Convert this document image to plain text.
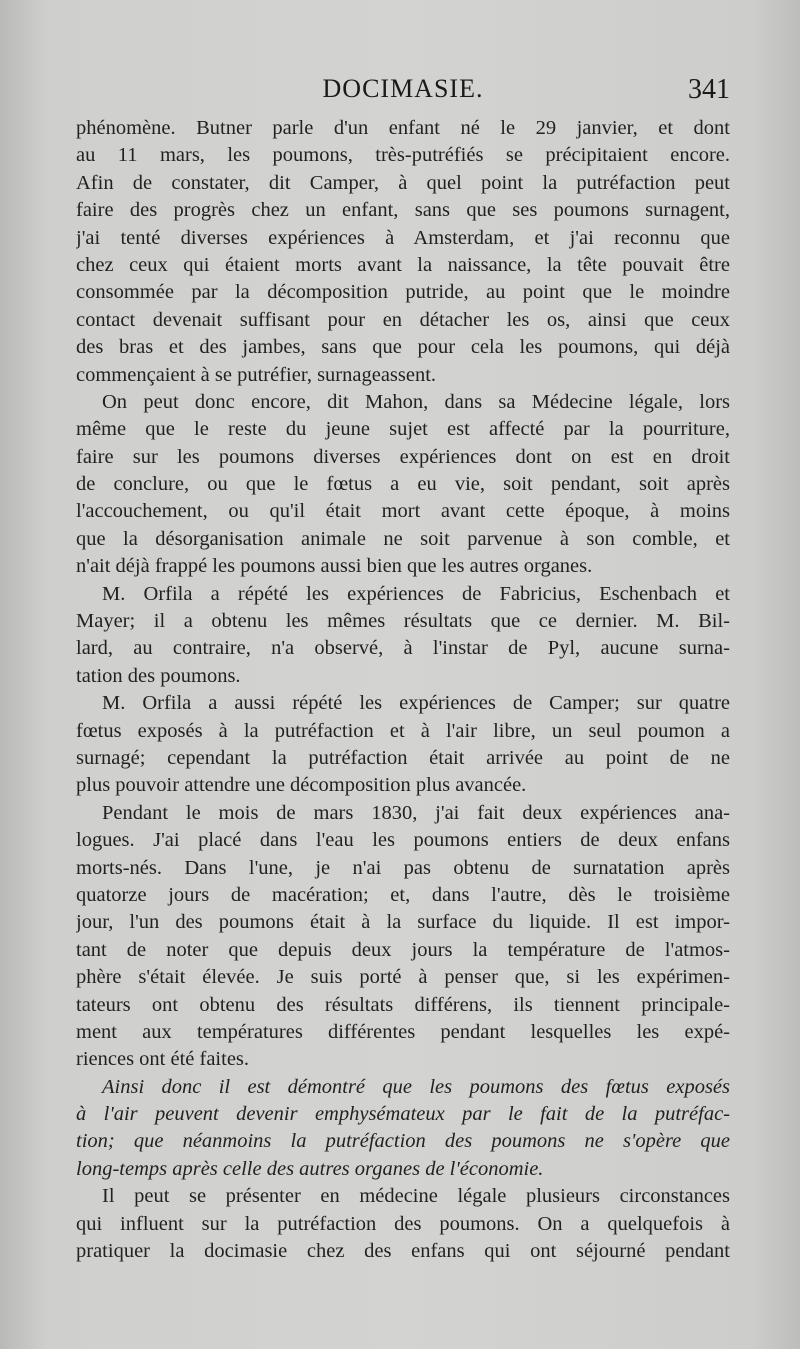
DOCIMASIE.	341
phénomène. Butner parle d'un enfant né le 29 janvier, et dont
au 11 mars, les poumons, très-putréfiés se précipitaient encore.
Afin de constater, dit Camper, à quel point la putréfaction peut
faire des progrès chez un enfant, sans que ses poumons surnagent,
j'ai tenté diverses expériences à Amsterdam, et j'ai reconnu que
chez ceux qui étaient morts avant la naissance, la tête pouvait être
consommée par la décomposition putride, au point que le moindre
contact devenait suffisant pour en détacher les os, ainsi que ceux
des bras et des jambes, sans que pour cela les poumons, qui déjà
commençaient à se putréfier, surnageassent.
On peut donc encore, dit Mahon, dans sa Médecine légale, lors
même que le reste du jeune sujet est affecté par la pourriture,
faire sur les poumons diverses expériences dont on est en droit
de conclure, ou que le fœtus a eu vie, soit pendant, soit après
l'accouchement, ou qu'il était mort avant cette époque, à moins
que la désorganisation animale ne soit parvenue à son comble, et
n'ait déjà frappé les poumons aussi bien que les autres organes.
M. Orfila a répété les expériences de Fabricius, Eschenbach et
Mayer; il a obtenu les mêmes résultats que ce dernier. M. Bil-
lard, au contraire, n'a observé, à l'instar de Pyl, aucune surna-
tation des poumons.
M. Orfila a aussi répété les expériences de Camper; sur quatre
fœtus exposés à la putréfaction et à l'air libre, un seul poumon a
surnagé; cependant la putréfaction était arrivée au point de ne
plus pouvoir attendre une décomposition plus avancée.
Pendant le mois de mars 1830, j'ai fait deux expériences ana-
logues. J'ai placé dans l'eau les poumons entiers de deux enfans
morts-nés. Dans l'une, je n'ai pas obtenu de surnatation après
quatorze jours de macération; et, dans l'autre, dès le troisième
jour, l'un des poumons était à la surface du liquide. Il est impor-
tant de noter que depuis deux jours la température de l'atmos-
phère s'était élevée. Je suis porté à penser que, si les expérimen-
tateurs ont obtenu des résultats différens, ils tiennent principale-
ment aux températures différentes pendant lesquelles les expé-
riences ont été faites.
Ainsi donc il est démontré que les poumons des fœtus exposés
à l'air peuvent devenir emphysémateux par le fait de la putréfac-
tion; que néanmoins la putréfaction des poumons ne s'opère que
long-temps après celle des autres organes de l'économie.
Il peut se présenter en médecine légale plusieurs circonstances
qui influent sur la putréfaction des poumons. On a quelquefois à
pratiquer la docimasie chez des enfans qui ont séjourné pendant
